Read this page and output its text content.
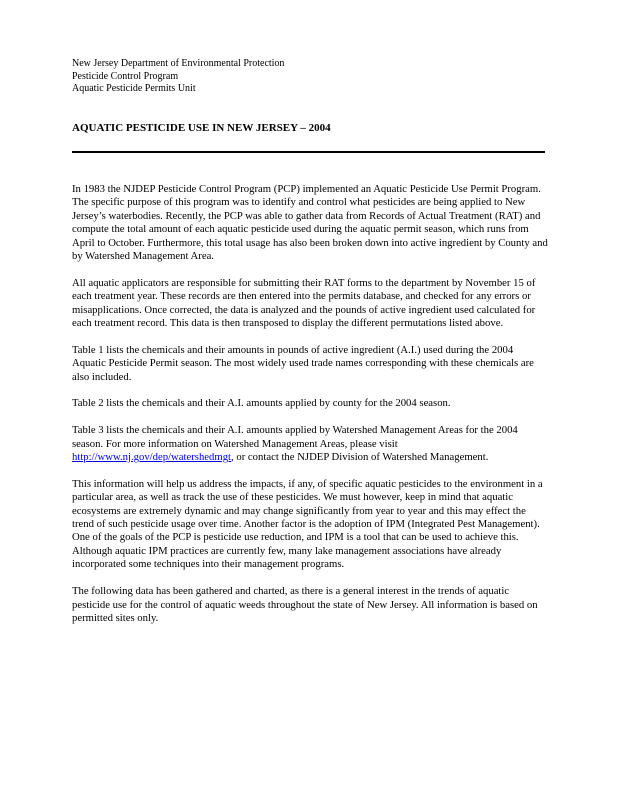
New Jersey Department of Environmental Protection
Pesticide Control Program
Aquatic Pesticide Permits Unit
AQUATIC PESTICIDE USE IN NEW JERSEY – 2004

In 1983 the NJDEP Pesticide Control Program (PCP) implemented an Aquatic Pesticide Use Permit Program. The specific purpose of this program was to identify and control what pesticides are being applied to New Jersey’s waterbodies. Recently, the PCP was able to gather data from Records of Actual Treatment (RAT) and compute the total amount of each aquatic pesticide used during the aquatic permit season, which runs from April to October. Furthermore, this total usage has also been broken down into active ingredient by County and by Watershed Management Area.

All aquatic applicators are responsible for submitting their RAT forms to the department by November 15 of each treatment year. These records are then entered into the permits database, and checked for any errors or misapplications. Once corrected, the data is analyzed and the pounds of active ingredient used calculated for each treatment record. This data is then transposed to display the different permutations listed above.

Table 1 lists the chemicals and their amounts in pounds of active ingredient (A.I.) used during the 2004 Aquatic Pesticide Permit season. The most widely used trade names corresponding with these chemicals are also included.

Table 2 lists the chemicals and their A.I. amounts applied by county for the 2004 season.

Table 3 lists the chemicals and their A.I. amounts applied by Watershed Management Areas for the 2004 season. For more information on Watershed Management Areas, please visit http://www.nj.gov/dep/watershedmgt, or contact the NJDEP Division of Watershed Management.

This information will help us address the impacts, if any, of specific aquatic pesticides to the environment in a particular area, as well as track the use of these pesticides. We must however, keep in mind that aquatic ecosystems are extremely dynamic and may change significantly from year to year and this may effect the trend of such pesticide usage over time. Another factor is the adoption of IPM (Integrated Pest Management). One of the goals of the PCP is pesticide use reduction, and IPM is a tool that can be used to achieve this. Although aquatic IPM practices are currently few, many lake management associations have already incorporated some techniques into their management programs.

The following data has been gathered and charted, as there is a general interest in the trends of aquatic pesticide use for the control of aquatic weeds throughout the state of New Jersey. All information is based on permitted sites only.
